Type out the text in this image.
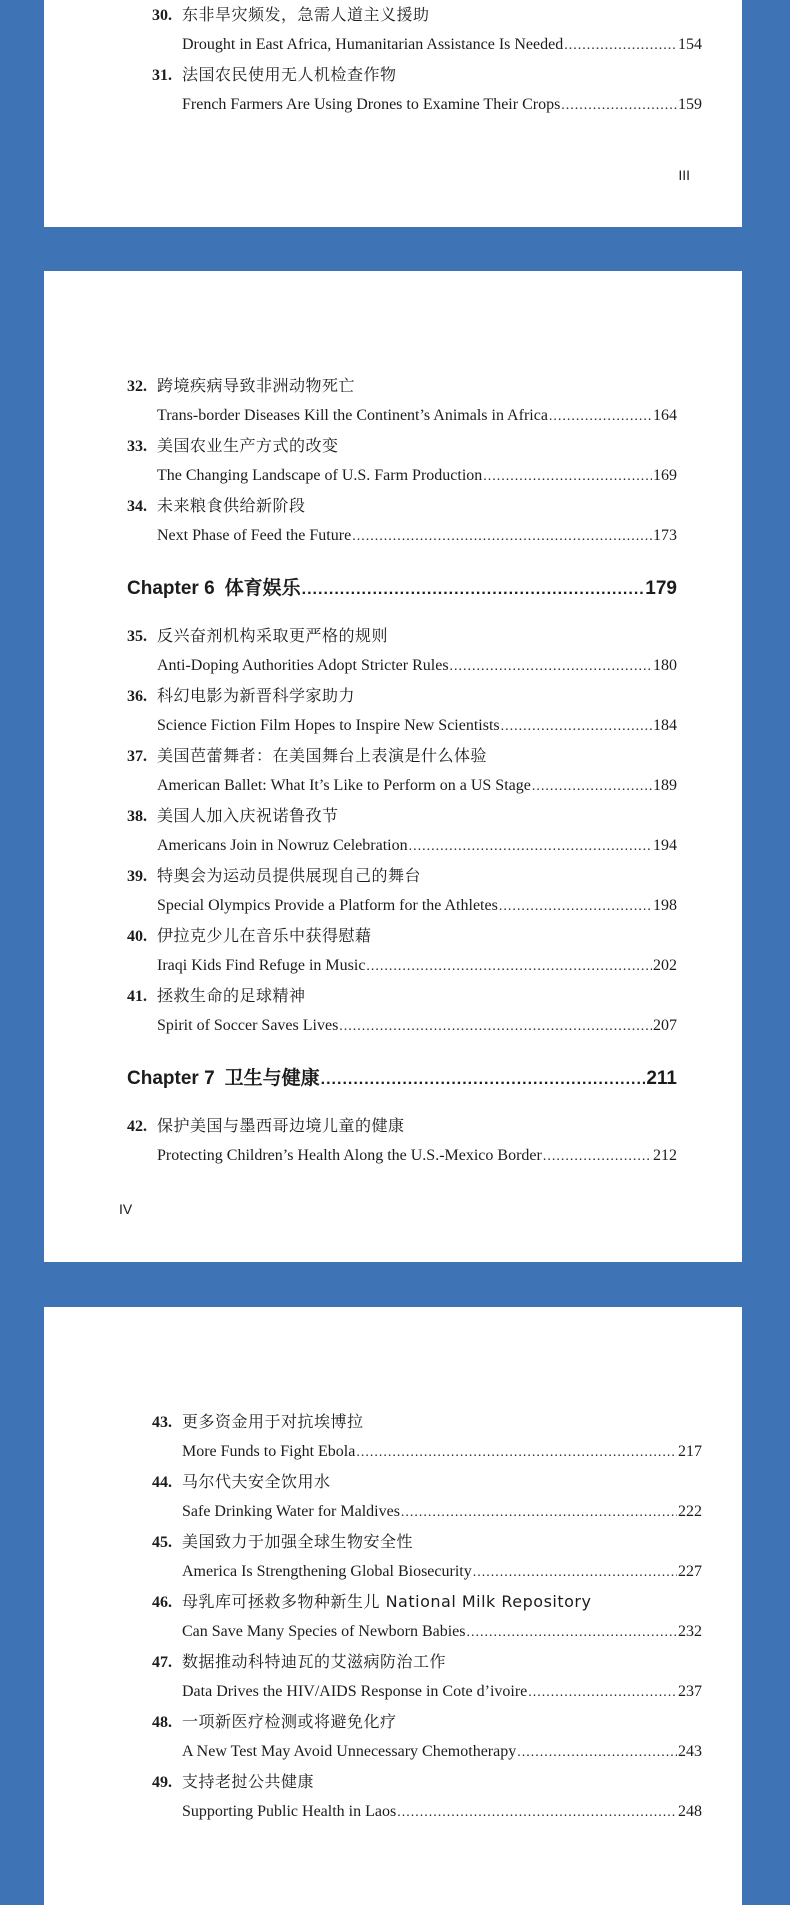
30. 东非旱灾频发，急需人道主义援助
Drought in East Africa, Humanitarian Assistance Is Needed .....	154
31. 法国农民使用无人机检查作物
French Farmers Are Using Drones to Examine Their Crops .....	159
III
32. 跨境疾病导致非洲动物死亡
Trans-border Diseases Kill the Continent’s Animals in Africa .....	164
33. 美国农业生产方式的改变
The Changing Landscape of U.S. Farm Production .....	169
34. 未来粮食供给新阶段
Next Phase of Feed the Future .....	173
Chapter 6 体育娱乐 .....	179
35. 反兴奋剂机构采取更严格的规则
Anti-Doping Authorities Adopt Stricter Rules .....	180
36. 科幻电影为新晋科学家助力
Science Fiction Film Hopes to Inspire New Scientists .....	184
37. 美国芭蕾舞者：在美国舞台上表演是什么体验
American Ballet: What It’s Like to Perform on a US Stage .....	189
38. 美国人加入庆祝诺鲁孜节
Americans Join in Nowruz Celebration .....	194
39. 特奥会为运动员提供展现自己的舞台
Special Olympics Provide a Platform for the Athletes .....	198
40. 伊拉克少儿在音乐中获得慰藉
Iraqi Kids Find Refuge in Music .....	202
41. 拯救生命的足球精神
Spirit of Soccer Saves Lives .....	207
Chapter 7 卫生与健康 .....	211
42. 保护美国与墨西哥边境儿童的健康
Protecting Children’s Health Along the U.S.-Mexico Border .....	212
IV
43. 更多资金用于对抗埃博拉
More Funds to Fight Ebola .....	217
44. 马尔代夫安全饮用水
Safe Drinking Water for Maldives .....	222
45. 美国致力于加强全球生物安全性
America Is Strengthening Global Biosecurity .....	227
46. 母乳库可拯救多物种新生儿 National Milk Repository
Can Save Many Species of Newborn Babies .....	232
47. 数据推动科特迪瓦的艾滋病防治工作
Data Drives the HIV/AIDS Response in Cote d’ivoire .....	237
48. 一项新医疗检测或将避免化疗
A New Test May Avoid Unnecessary Chemotherapy .....	243
49. 支持老挝公共健康
Supporting Public Health in Laos .....	248
